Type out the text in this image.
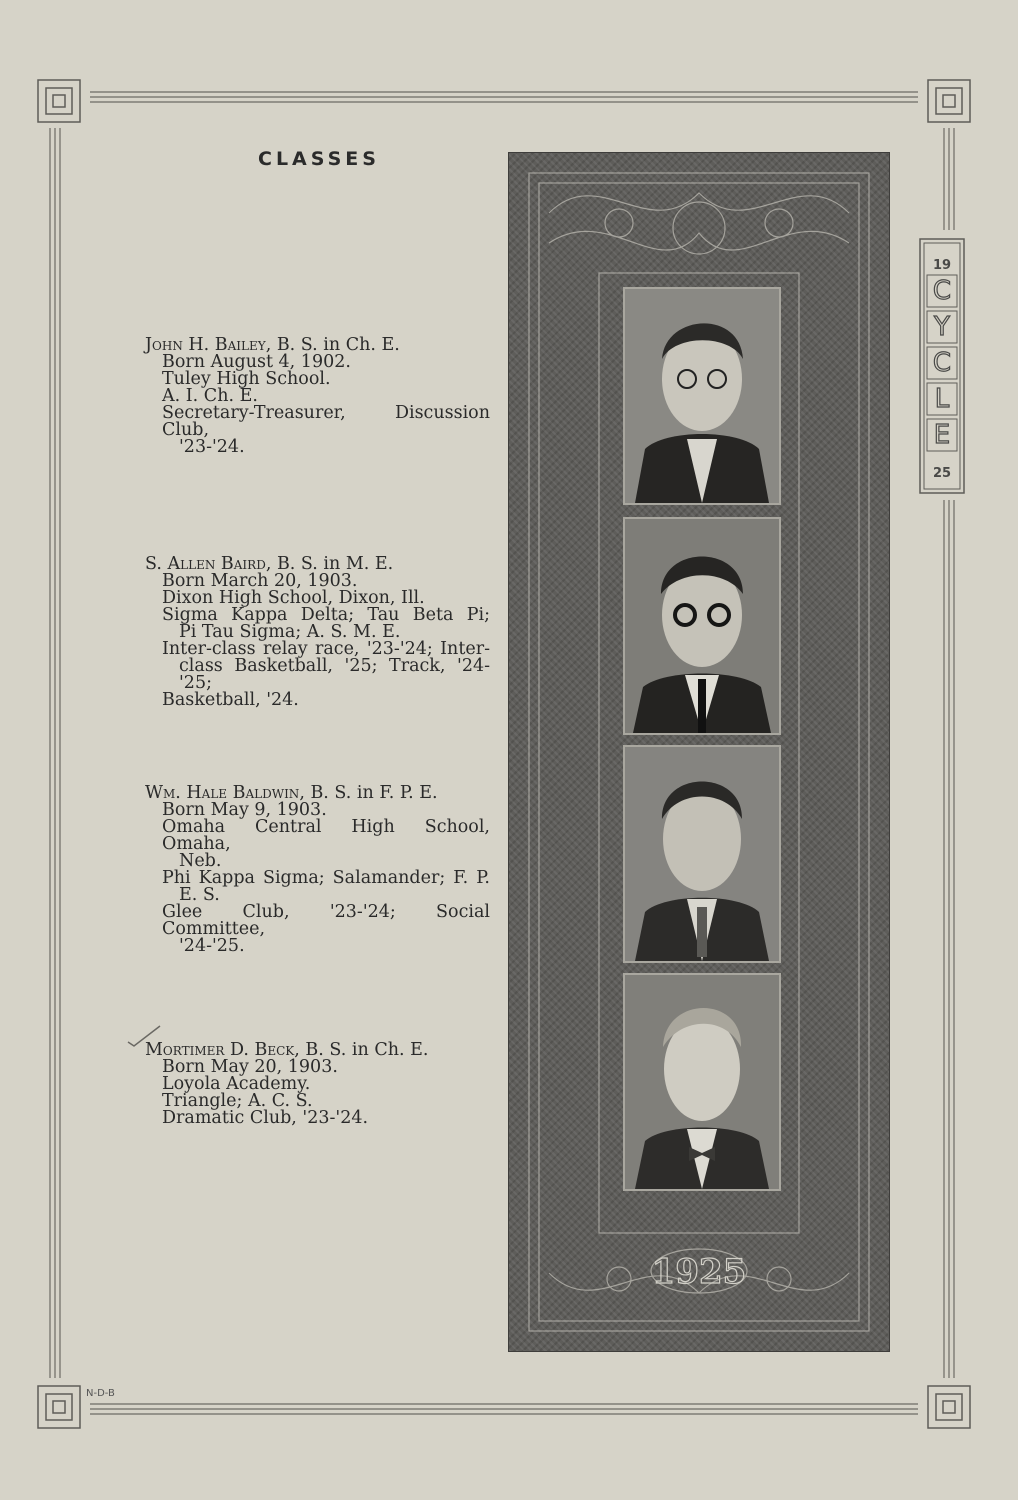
19
C
Y
C
L
E
25
CLASSES
John H. Bailey, B. S. in Ch. E.
Born August 4, 1902.
Tuley High School.
A. I. Ch. E.
Secretary-Treasurer, Discussion Club,
'23-'24.
S. Allen Baird, B. S. in M. E.
Born March 20, 1903.
Dixon High School, Dixon, Ill.
Sigma Kappa Delta; Tau Beta Pi;
Pi Tau Sigma; A. S. M. E.
Inter-class relay race, '23-'24; Inter-
class Basketball, '25; Track, '24-'25;
Basketball, '24.
Wm. Hale Baldwin, B. S. in F. P. E.
Born May 9, 1903.
Omaha Central High School, Omaha,
Neb.
Phi Kappa Sigma; Salamander; F. P.
E. S.
Glee Club, '23-'24; Social Committee,
'24-'25.
Mortimer D. Beck, B. S. in Ch. E.
Born May 20, 1903.
Loyola Academy.
Triangle; A. C. S.
Dramatic Club, '23-'24.
1925
N-D-B
